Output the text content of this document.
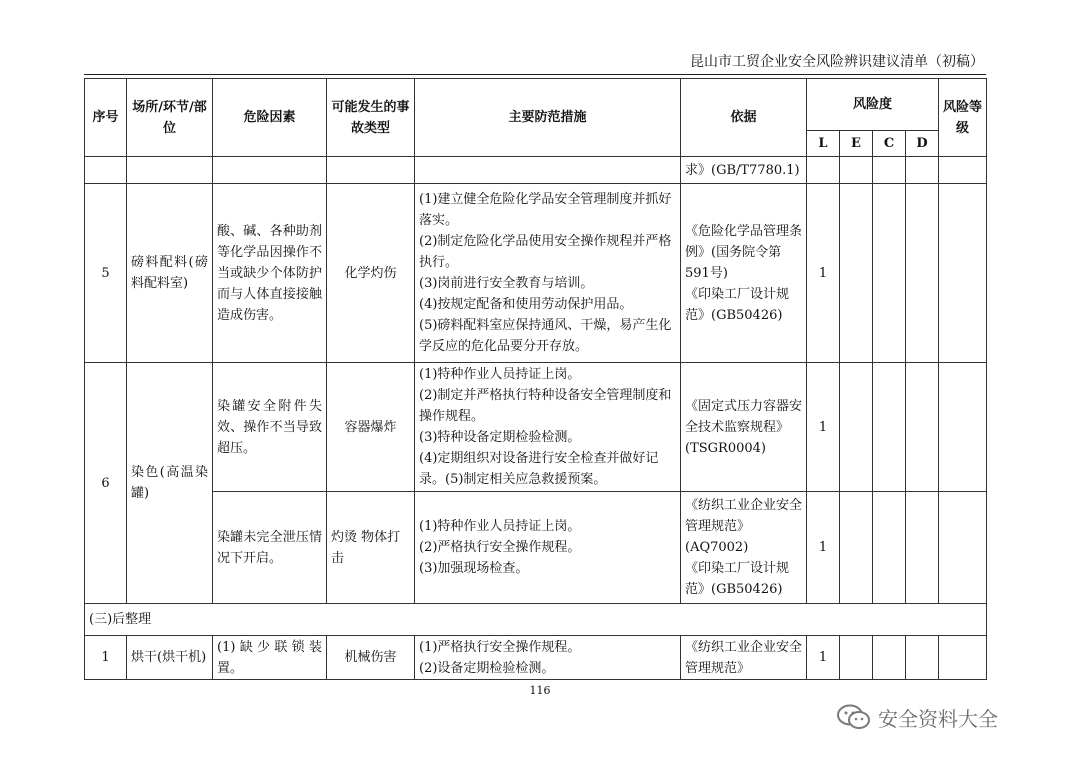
昆山市工贸企业安全风险辨识建议清单（初稿）
序号	场所/环节/部位	危险因素	可能发生的事故类型	主要防范措施	依据	风险度				风险等级
						L	E	C	D	
					求》(GB/T7780.1)					
5	磅料配料(磅料配料室)	酸、碱、各种助剂等化学品因操作不当或缺少个体防护而与人体直接接触造成伤害。	化学灼伤	(1)建立健全危险化学品安全管理制度并抓好落实。
(2)制定危险化学品使用安全操作规程并严格执行。
(3)岗前进行安全教育与培训。
(4)按规定配备和使用劳动保护用品。
(5)磅料配料室应保持通风、干燥，易产生化学反应的危化品要分开存放。	《危险化学品管理条例》(国务院令第591号)
《印染工厂设计规范》(GB50426)	1				
6	染色(高温染罐)	染罐安全附件失效、操作不当导致超压。	容器爆炸	(1)特种作业人员持证上岗。
(2)制定并严格执行特种设备安全管理制度和操作规程。
(3)特种设备定期检验检测。
(4)定期组织对设备进行安全检查并做好记录。(5)制定相关应急救援预案。	《固定式压力容器安全技术监察规程》
(TSGR0004)	1				
		染罐未完全泄压情况下开启。	灼烫 物体打击	(1)特种作业人员持证上岗。
(2)严格执行安全操作规程。
(3)加强现场检查。	《纺织工业企业安全管理规范》
(AQ7002)
《印染工厂设计规范》(GB50426)	1				
(三)后整理										
1	烘干(烘干机)	(1)缺少联锁装置。	机械伤害	(1)严格执行安全操作规程。
(2)设备定期检验检测。	《纺织工业企业安全管理规范》	1				
116
安全资料大全
